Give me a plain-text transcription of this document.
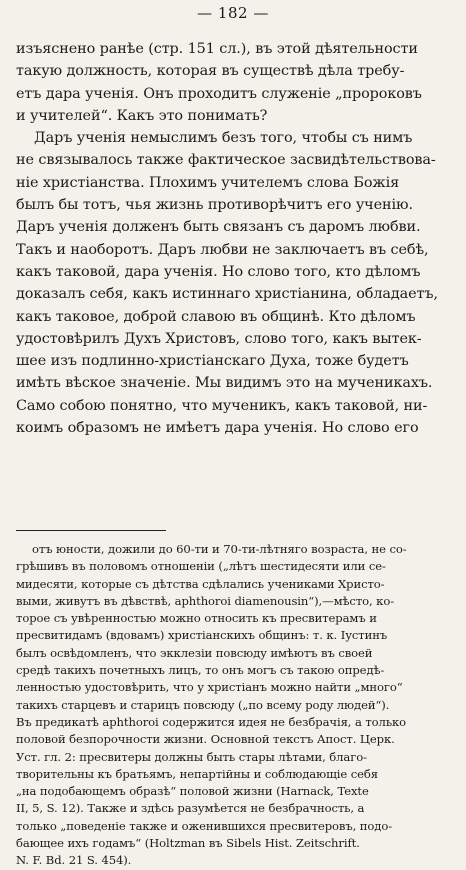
— 182 —
изъяснено ранѣе (стр. 151 сл.), въ этой дѣятельности
такую должность, которая въ существѣ дѣла требу-
етъ дара ученія. Онъ проходитъ служеніе „пророковъ
и учителей“. Какъ это понимать?
Даръ ученія немыслимъ безъ того, чтобы съ нимъ
не связывалось также фактическое засвидѣтельствова-
ніе христіанства. Плохимъ учителемъ слова Божія
былъ бы тотъ, чья жизнь противорѣчитъ его ученію.
Даръ ученія долженъ быть связанъ съ даромъ любви.
Такъ и наоборотъ. Даръ любви не заключаетъ въ себѣ,
какъ таковой, дара ученія. Но слово того, кто дѣломъ
доказалъ себя, какъ истиннаго христіанина, обладаетъ,
какъ таковое, доброй славою въ общинѣ. Кто дѣломъ
удостовѣрилъ Духъ Христовъ, слово того, какъ вытек-
шее изъ подлинно-христіанскаго Духа, тоже будетъ
имѣть вѣское значеніе. Мы видимъ это на мученикахъ.
Само собою понятно, что мученикъ, какъ таковой, ни-
коимъ образомъ не имѣетъ дара ученія. Но слово его
отъ юности, дожили до 60-ти и 70-ти-лѣтняго возраста, не со-
грѣшивъ въ половомъ отношеніи („лѣтъ шестидесяти или се-
мидесяти, которые съ дѣтства сдѣлались учениками Христо-
выми, живутъ въ дѣвствѣ, aphthoroi diamenousin“),—мѣсто, ко-
торое съ увѣренностью можно относить къ пресвитерамъ и
пресвитидамъ (вдовамъ) христіанскихъ общинъ: т. к. Іустинъ
былъ освѣдомленъ, что экклезіи повсюду имѣютъ въ своей
средѣ такихъ почетныхъ лицъ, то онъ могъ съ такою опредѣ-
ленностью удостовѣрить, что у христіанъ можно найти „много“
такихъ старцевъ и старицъ повсюду („по всему роду людей“).
Въ предикатѣ aphthoroi содержится идея не безбрачія, а только
половой безпорочности жизни. Основной текстъ Апост. Церк.
Уст. гл. 2: пресвитеры должны быть стары лѣтами, благо-
творительны къ братьямъ, непартійны и соблюдающіе себя
„на подобающемъ образѣ“ половой жизни (Harnack, Texte
II, 5, S. 12). Также и здѣсь разумѣется не безбрачность, а
только „поведеніе также и оженившихся пресвитеровъ, подо-
бающее ихъ годамъ“ (Holtzman въ Sibels Hist. Zeitschrift.
N. F. Bd. 21 S. 454).
